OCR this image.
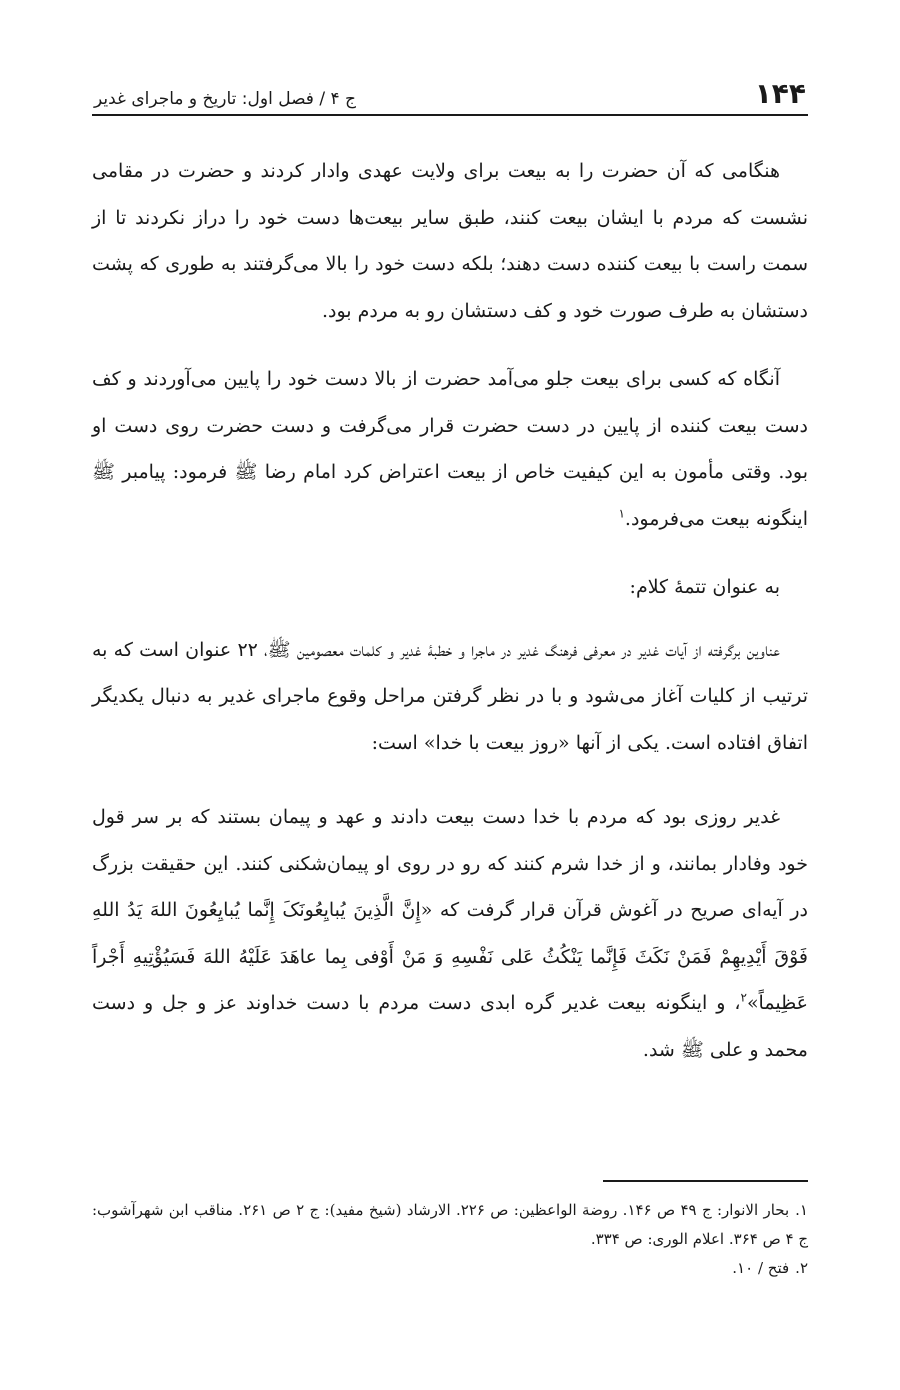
۱۴۴
ج ۴ / فصل اول: تاریخ و ماجرای غدیر

هنگامی که آن حضرت را به بیعت برای ولایت عهدی وادار کردند و حضرت در مقامی نشست که مردم با ایشان بیعت کنند، طبق سایر بیعت‌ها دست خود را دراز نکردند تا از سمت راست با بیعت کننده دست دهند؛ بلکه دست خود را بالا می‌گرفتند به طوری که پشت دستشان به طرف صورت خود و کف دستشان رو به مردم بود.

آنگاه که کسی برای بیعت جلو می‌آمد حضرت از بالا دست خود را پایین می‌آوردند و کف دست بیعت کننده از پایین در دست حضرت قرار می‌گرفت و دست حضرت روی دست او بود. وقتی مأمون به این کیفیت خاص از بیعت اعتراض کرد امام رضا ﷺ فرمود: پیامبر ﷺ اینگونه بیعت می‌فرمود.$^۱$

به عنوان تتمهٔ کلام:

عناوین برگرفته از آیات غدیر در معرفی فرهنگ غدیر در ماجرا و خطبهٔ غدیر و کلمات معصومین ﷺ، ۲۲ عنوان است که به ترتیب از کلیات آغاز می‌شود و با در نظر گرفتن مراحل وقوع ماجرای غدیر به دنبال یکدیگر اتفاق افتاده است. یکی از آنها «روز بیعت با خدا» است:

غدیر روزی بود که مردم با خدا دست بیعت دادند و عهد و پیمان بستند که بر سر قول خود وفادار بمانند، و از خدا شرم کنند که رو در روی او پیمان‌شکنی کنند. این حقیقت بزرگ در آیه‌ای صریح در آغوش قرآن قرار گرفت که «إِنَّ الَّذِینَ یُبایِعُونَکَ إِنَّما یُبایِعُونَ اللهَ یَدُ اللهِ فَوْقَ أَیْدِیهِمْ فَمَنْ نَکَثَ فَإِنَّما یَنْکُثُ عَلی نَفْسِهِ وَ مَنْ أَوْفی بِما عاهَدَ عَلَیْهُ اللهَ فَسَیُؤْتِیهِ أَجْراً عَظِیماً»$^۲$، و اینگونه بیعت غدیر گره ابدی دست مردم با دست خداوند عز و جل و دست محمد و علی ﷺ شد.

۱.بحار الانوار: ج ۴۹ ص ۱۴۶. روضة الواعظین: ص ۲۲۶. الارشاد (شیخ مفید): ج ۲ ص ۲۶۱. مناقب ابن شهرآشوب: ج ۴ ص ۳۶۴. اعلام الوری: ص ۳۳۴.

۲.فتح / ۱۰.
